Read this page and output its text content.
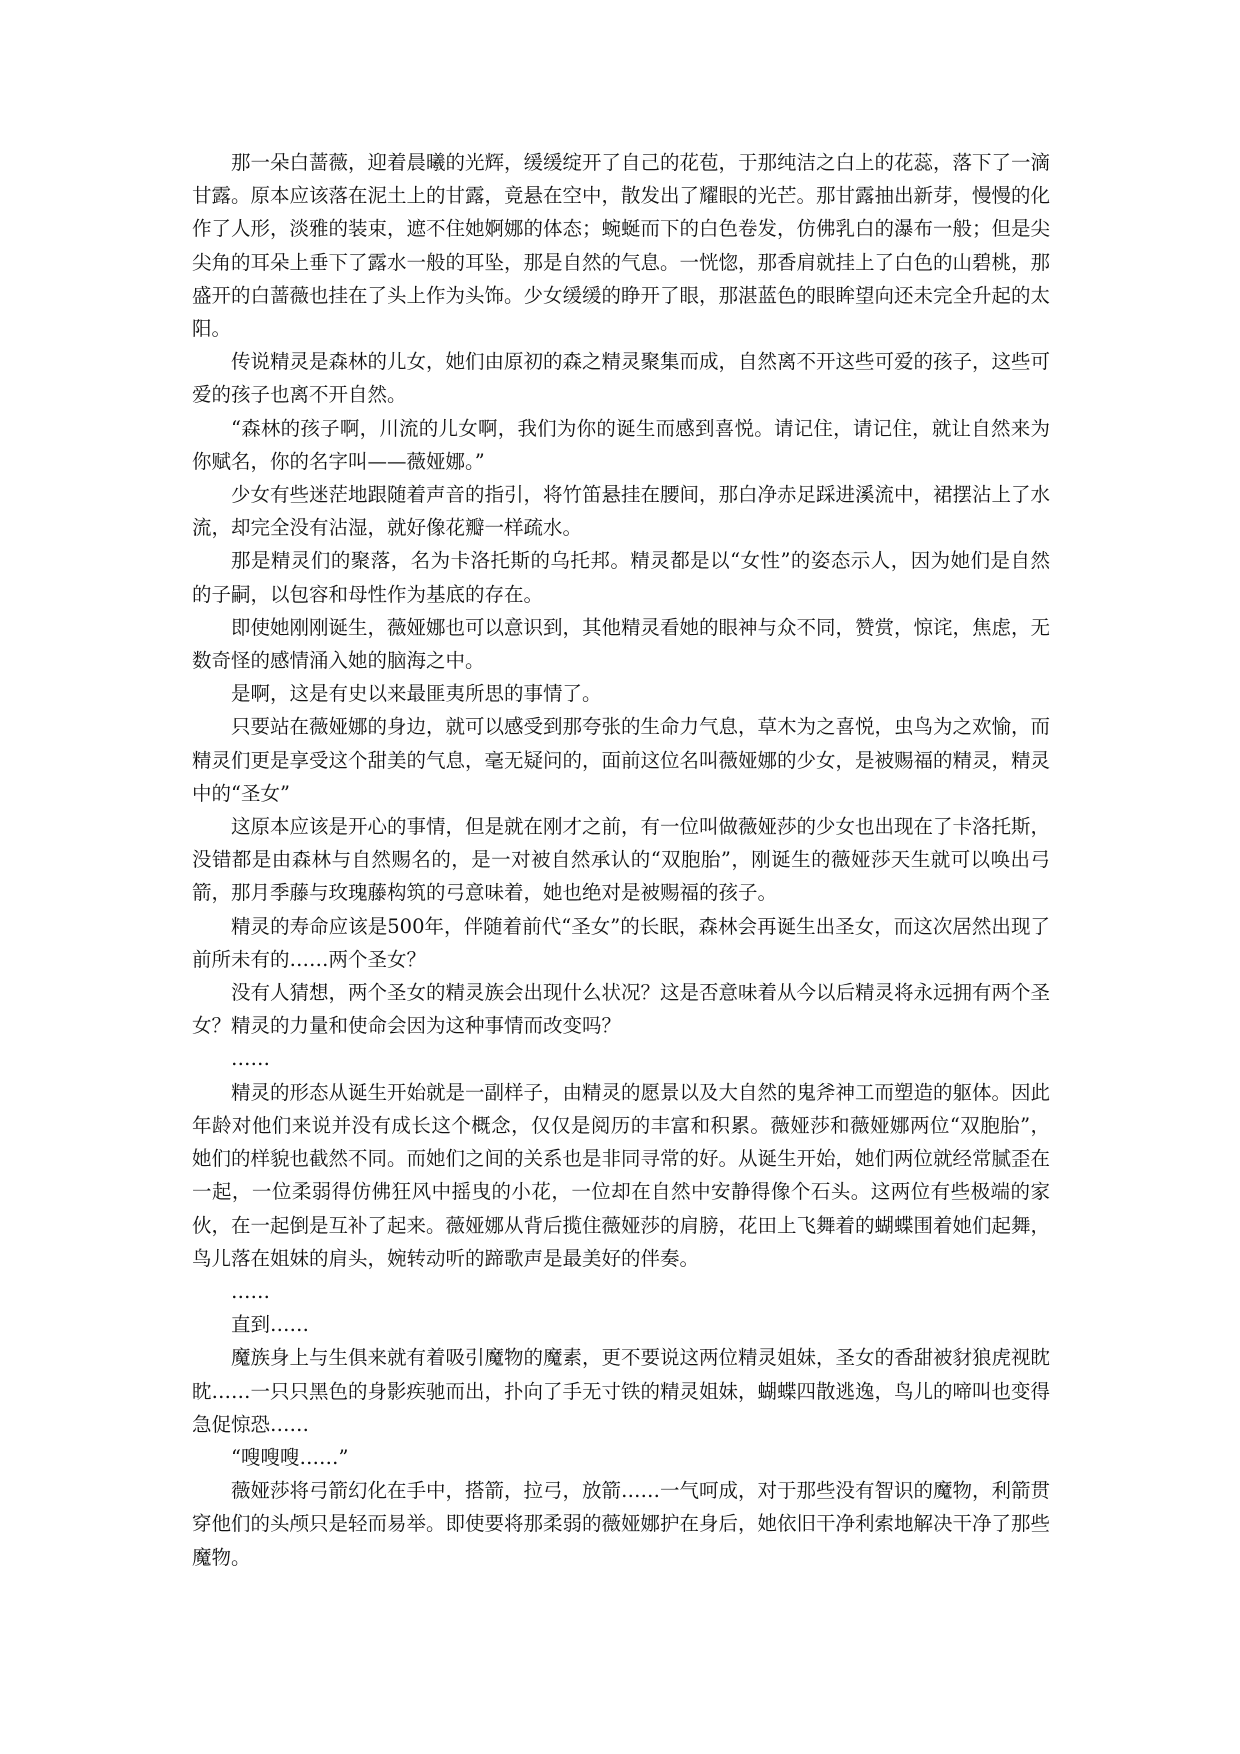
那一朵白蔷薇，迎着晨曦的光辉，缓缓绽开了自己的花苞，于那纯洁之白上的花蕊，落下了一滴甘露。原本应该落在泥土上的甘露，竟悬在空中，散发出了耀眼的光芒。那甘露抽出新芽，慢慢的化作了人形，淡雅的装束，遮不住她婀娜的体态；蜿蜒而下的白色卷发，仿佛乳白的瀑布一般；但是尖尖角的耳朵上垂下了露水一般的耳坠，那是自然的气息。一恍惚，那香肩就挂上了白色的山碧桃，那盛开的白蔷薇也挂在了头上作为头饰。少女缓缓的睁开了眼，那湛蓝色的眼眸望向还未完全升起的太阳。

传说精灵是森林的儿女，她们由原初的森之精灵聚集而成，自然离不开这些可爱的孩子，这些可爱的孩子也离不开自然。

“森林的孩子啊，川流的儿女啊，我们为你的诞生而感到喜悦。请记住，请记住，就让自然来为你赋名，你的名字叫——薇娅娜。”

少女有些迷茫地跟随着声音的指引，将竹笛悬挂在腰间，那白净赤足踩进溪流中，裙摆沾上了水流，却完全没有沾湿，就好像花瓣一样疏水。

那是精灵们的聚落，名为卡洛托斯的乌托邦。精灵都是以“女性”的姿态示人，因为她们是自然的子嗣，以包容和母性作为基底的存在。

即使她刚刚诞生，薇娅娜也可以意识到，其他精灵看她的眼神与众不同，赞赏，惊诧，焦虑，无数奇怪的感情涌入她的脑海之中。

是啊，这是有史以来最匪夷所思的事情了。

只要站在薇娅娜的身边，就可以感受到那夸张的生命力气息，草木为之喜悦，虫鸟为之欢愉，而精灵们更是享受这个甜美的气息，毫无疑问的，面前这位名叫薇娅娜的少女，是被赐福的精灵，精灵中的“圣女”

这原本应该是开心的事情，但是就在刚才之前，有一位叫做薇娅莎的少女也出现在了卡洛托斯，没错都是由森林与自然赐名的，是一对被自然承认的“双胞胎”，刚诞生的薇娅莎天生就可以唤出弓箭，那月季藤与玫瑰藤构筑的弓意味着，她也绝对是被赐福的孩子。

精灵的寿命应该是500年，伴随着前代“圣女”的长眠，森林会再诞生出圣女，而这次居然出现了前所未有的……两个圣女？

没有人猜想，两个圣女的精灵族会出现什么状况？这是否意味着从今以后精灵将永远拥有两个圣女？精灵的力量和使命会因为这种事情而改变吗？

……

精灵的形态从诞生开始就是一副样子，由精灵的愿景以及大自然的鬼斧神工而塑造的躯体。因此年龄对他们来说并没有成长这个概念，仅仅是阅历的丰富和积累。薇娅莎和薇娅娜两位“双胞胎”，她们的样貌也截然不同。而她们之间的关系也是非同寻常的好。从诞生开始，她们两位就经常腻歪在一起，一位柔弱得仿佛狂风中摇曳的小花，一位却在自然中安静得像个石头。这两位有些极端的家伙，在一起倒是互补了起来。薇娅娜从背后揽住薇娅莎的肩膀，花田上飞舞着的蝴蝶围着她们起舞，鸟儿落在姐妹的肩头，婉转动听的蹄歌声是最美好的伴奏。

……

直到……

魔族身上与生俱来就有着吸引魔物的魔素，更不要说这两位精灵姐妹，圣女的香甜被豺狼虎视眈眈……一只只黑色的身影疾驰而出，扑向了手无寸铁的精灵姐妹，蝴蝶四散逃逸，鸟儿的啼叫也变得急促惊恐……

“嗖嗖嗖……”

薇娅莎将弓箭幻化在手中，搭箭，拉弓，放箭……一气呵成，对于那些没有智识的魔物，利箭贯穿他们的头颅只是轻而易举。即使要将那柔弱的薇娅娜护在身后，她依旧干净利索地解决干净了那些魔物。
